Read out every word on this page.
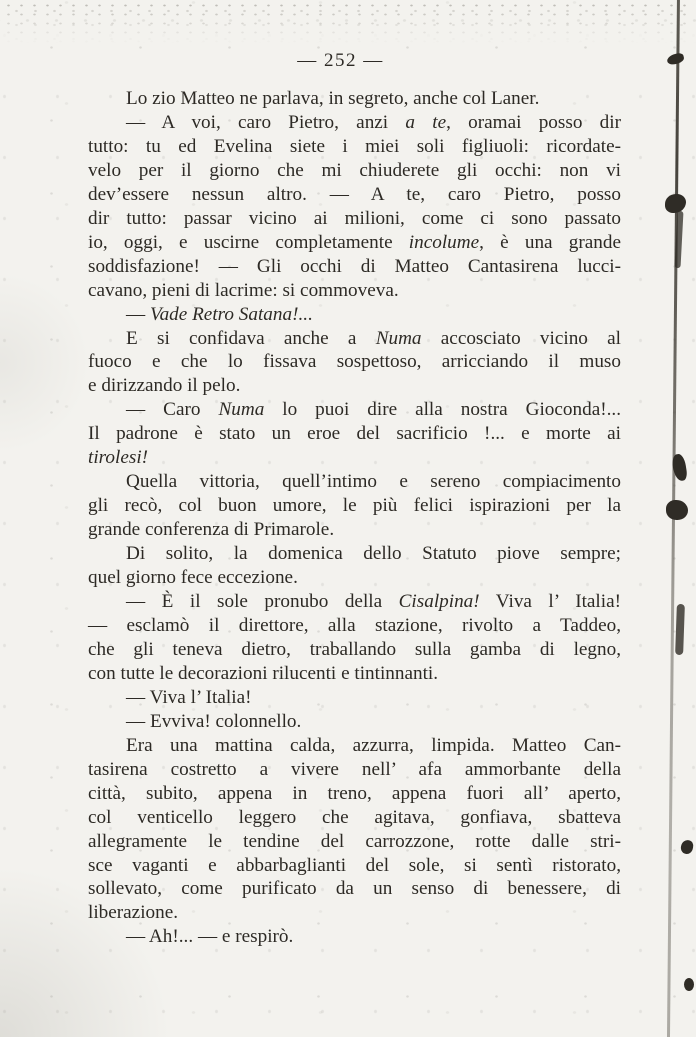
— 252 —
Lo zio Matteo ne parlava, in segreto, anche col Laner.
— A voi, caro Pietro, anzi a te, oramai posso dir
tutto: tu ed Evelina siete i miei soli figliuoli: ricordate-
velo per il giorno che mi chiuderete gli occhi: non vi
dev’essere nessun altro. — A te, caro Pietro, posso
dir tutto: passar vicino ai milioni, come ci sono passato
io, oggi, e uscirne completamente incolume, è una grande
soddisfazione! — Gli occhi di Matteo Cantasirena lucci-
cavano, pieni di lacrime: si commoveva.
— Vade Retro Satana!...
E si confidava anche a Numa accosciato vicino al
fuoco e che lo fissava sospettoso, arricciando il muso
e dirizzando il pelo.
— Caro Numa lo puoi dire alla nostra Gioconda!...
Il padrone è stato un eroe del sacrificio !... e morte ai
tirolesi!
Quella vittoria, quell’intimo e sereno compiacimento
gli recò, col buon umore, le più felici ispirazioni per la
grande conferenza di Primarole.
Di solito, la domenica dello Statuto piove sempre;
quel giorno fece eccezione.
— È il sole pronubo della Cisalpina! Viva l’ Italia!
— esclamò il direttore, alla stazione, rivolto a Taddeo,
che gli teneva dietro, traballando sulla gamba di legno,
con tutte le decorazioni rilucenti e tintinnanti.
— Viva l’ Italia!
— Evviva! colonnello.
Era una mattina calda, azzurra, limpida. Matteo Can-
tasirena costretto a vivere nell’ afa ammorbante della
città, subito, appena in treno, appena fuori all’ aperto,
col venticello leggero che agitava, gonfiava, sbatteva
allegramente le tendine del carrozzone, rotte dalle stri-
sce vaganti e abbarbaglianti del sole, si sentì ristorato,
sollevato, come purificato da un senso di benessere, di
liberazione.
— Ah!... — e respirò.
